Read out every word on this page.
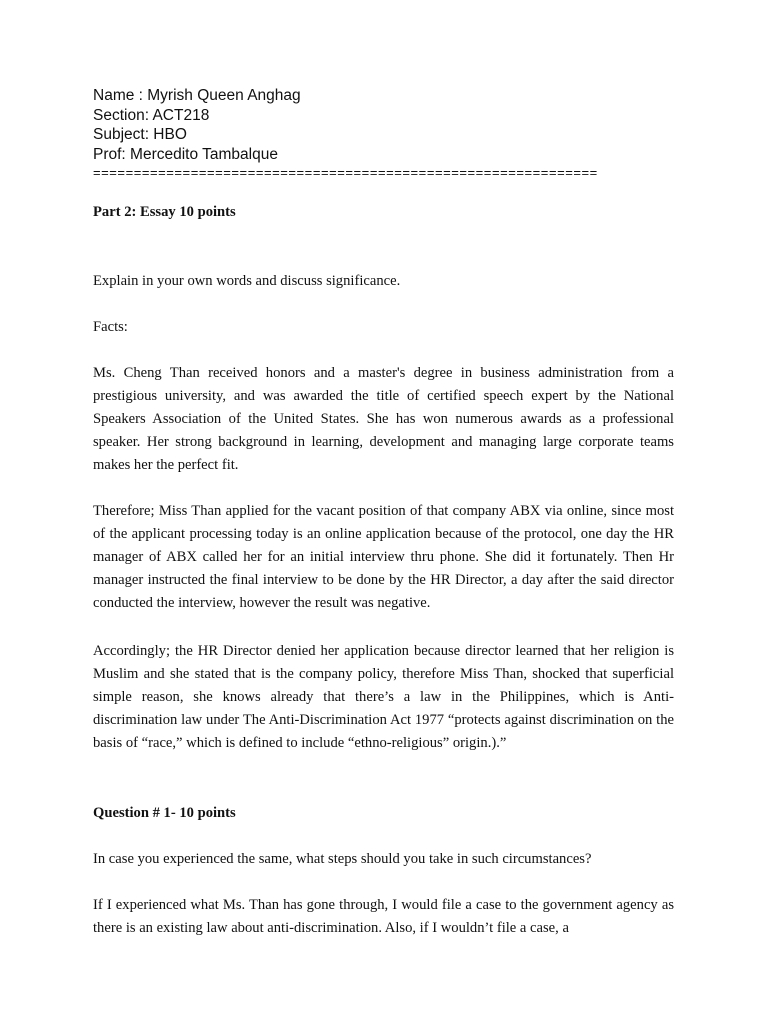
Name : Myrish Queen Anghag
Section: ACT218
Subject: HBO
Prof: Mercedito Tambalque
==============================================================
Part 2: Essay 10 points
Explain in your own words and discuss significance.
Facts:
Ms. Cheng Than received honors and a master's degree in business administration from a prestigious university, and was awarded the title of certified speech expert by the National Speakers Association of the United States. She has won numerous awards as a professional speaker. Her strong background in learning, development and managing large corporate teams makes her the perfect fit.
Therefore; Miss Than applied for the vacant position of that company ABX via online, since most of the applicant processing today is an online application because of the protocol, one day the HR manager of ABX called her for an initial interview thru phone. She did it fortunately. Then Hr manager instructed the final interview to be done by the HR Director, a day after the said director conducted the interview, however the result was negative.
Accordingly; the HR Director denied her application because director learned that her religion is Muslim and she stated that is the company policy, therefore Miss Than, shocked that superficial simple reason, she knows already that there’s a law in the Philippines, which is Anti- discrimination law under The Anti-Discrimination Act 1977 “protects against discrimination on the basis of “race,” which is defined to include “ethno-religious” origin.).”
Question # 1- 10 points
In case you experienced the same, what steps should you take in such circumstances?
If I experienced what Ms. Than has gone through, I would file a case to the government agency as there is an existing law about anti-discrimination. Also, if I wouldn’t file a case, a
